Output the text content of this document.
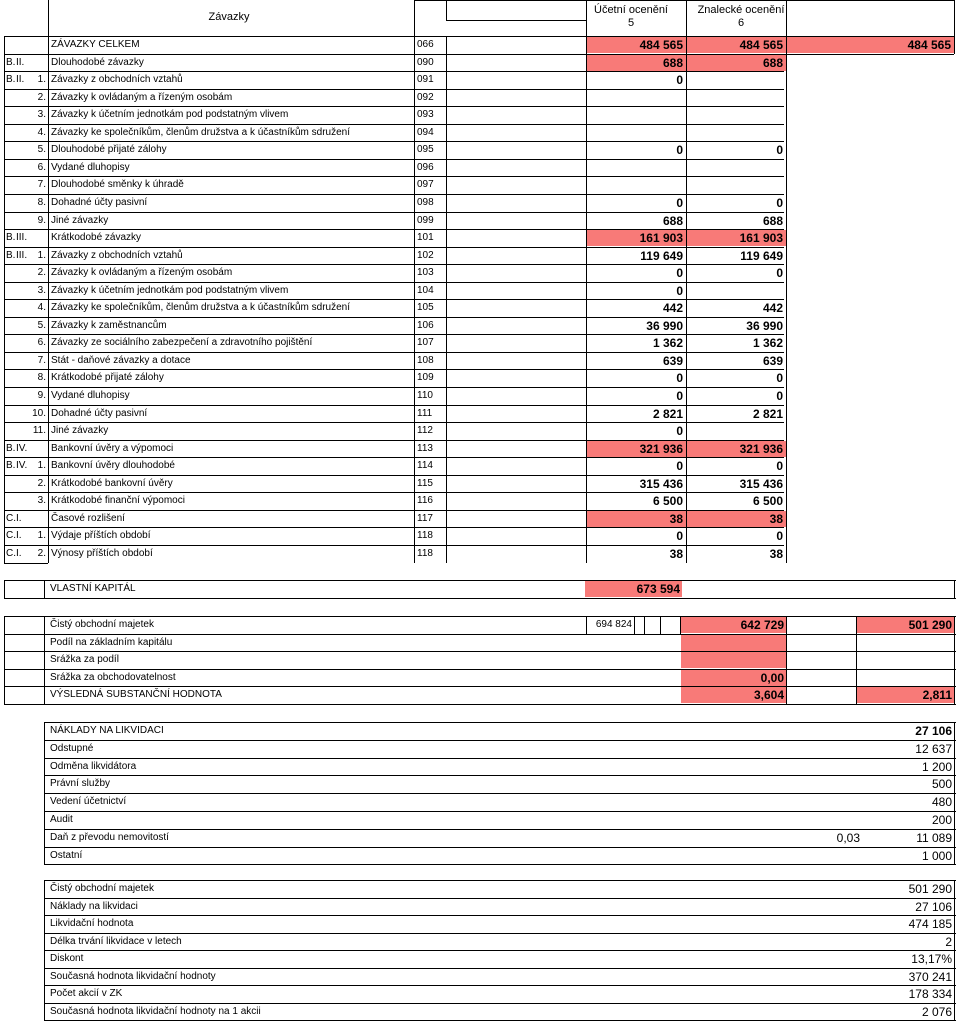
Závazky
Účetní ocenění
5
Znalecké ocenění
6
ZÁVAZKY CELKEM	066	484 565	484 565	484 565
B. II.	Dlouhodobé závazky	090	688	688
B. II.	1. Závazky z obchodních vztahů	091	0
2. Závazky k ovládaným a řízeným osobám	092
3. Závazky k účetním jednotkám pod podstatným vlivem	093
4. Závazky ke společníkům, členům družstva a k účastníkům sdružení	094
5. Dlouhodobé přijaté zálohy	095	0	0
6. Vydané dluhopisy	096
7. Dlouhodobé směnky k úhradě	097
8. Dohadné účty pasivní	098	0	0
9. Jiné závazky	099	688	688
B. III. Krátkodobé závazky	101	161 903	161 903
B. III.	1. Závazky z obchodních vztahů	102	119 649	119 649
2. Závazky k ovládaným a řízeným osobám	103	0	0
3. Závazky k účetním jednotkám pod podstatným vlivem	104	0
4. Závazky ke společníkům, členům družstva a k účastníkům sdružení	105	442	442
5. Závazky k zaměstnancům	106	36 990	36 990
6. Závazky ze sociálního zabezpečení a zdravotního pojištění	107	1 362	1 362
7. Stát - daňové závazky a dotace	108	639	639
8. Krátkodobé přijaté zálohy	109	0	0
9. Vydané dluhopisy	110	0	0
10. Dohadné účty pasivní	111	2 821	2 821
11. Jiné závazky	112	0
B. IV. Bankovní úvěry a výpomoci	113	321 936	321 936
B. IV.	1. Bankovní úvěry dlouhodobé	114	0	0
2. Krátkodobé bankovní úvěry	115	315 436	315 436
3. Krátkodobé finanční výpomoci	116	6 500	6 500
C. I.	Časové rozlišení	117	38	38
C. I.	1. Výdaje příštích období	118	0	0
C. I.	2. Výnosy příštích období	118	38	38
VLASTNÍ KAPITÁL	673 594
Čistý obchodní majetek	694 824	642 729	501 290
Podíl na základním kapitálu
Srážka za podíl
Srážka za obchodovatelnost	0,00
VÝSLEDNÁ SUBSTANČNÍ HODNOTA	3,604	2,811
NÁKLADY NA LIKVIDACI	27 106
Odstupné	12 637
Odměna likvidátora	1 200
Právní služby	500
Vedení účetnictví	480
Audit	200
Daň z převodu nemovitostí	0,03	11 089
Ostatní	1 000
Čistý obchodní majetek	501 290
Náklady na likvidaci	27 106
Likvidační hodnota	474 185
Délka trvání likvidace v letech	2
Diskont	13,17%
Současná hodnota likvidační hodnoty	370 241
Počet akcií v ZK	178 334
Současná hodnota likvidační hodnoty na 1 akcii	2 076
